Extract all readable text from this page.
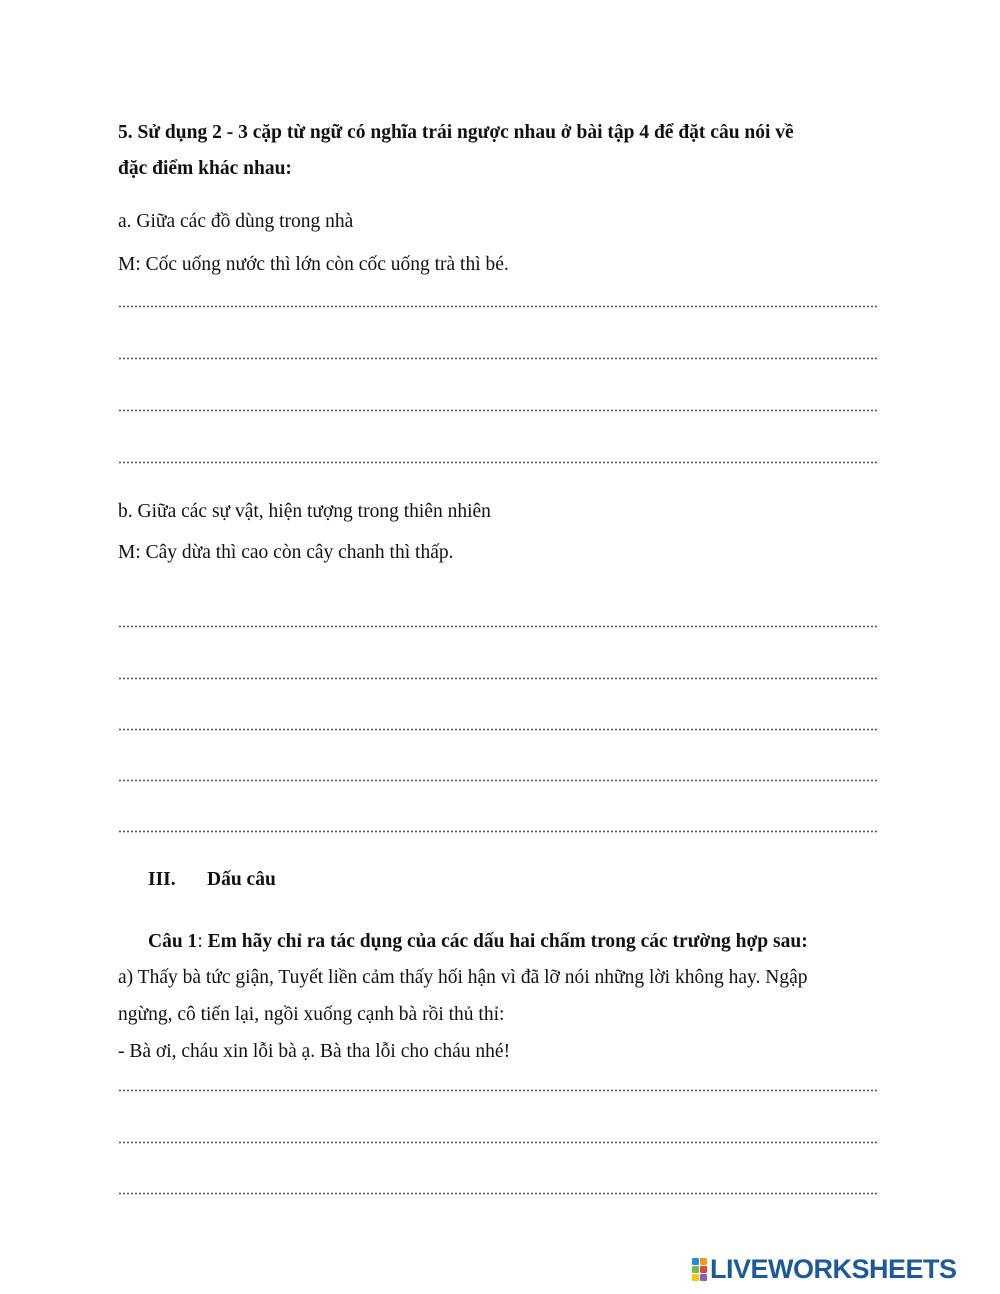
5. Sử dụng 2 - 3 cặp từ ngữ có nghĩa trái ngược nhau ở bài tập 4 để đặt câu nói về
đặc điểm khác nhau:
a. Giữa các đồ dùng trong nhà
M: Cốc uống nước thì lớn còn cốc uống trà thì bé.
b. Giữa các sự vật, hiện tượng trong thiên nhiên
M: Cây dừa thì cao còn cây chanh thì thấp.
III. Dấu câu
Câu 1: Em hãy chỉ ra tác dụng của các dấu hai chấm trong các trường hợp sau:
a) Thấy bà tức giận, Tuyết liền cảm thấy hối hận vì đã lỡ nói những lời không hay. Ngập
ngừng, cô tiến lại, ngồi xuống cạnh bà rồi thủ thỉ:
- Bà ơi, cháu xin lỗi bà ạ. Bà tha lỗi cho cháu nhé!
LIVEWORKSHEETS
